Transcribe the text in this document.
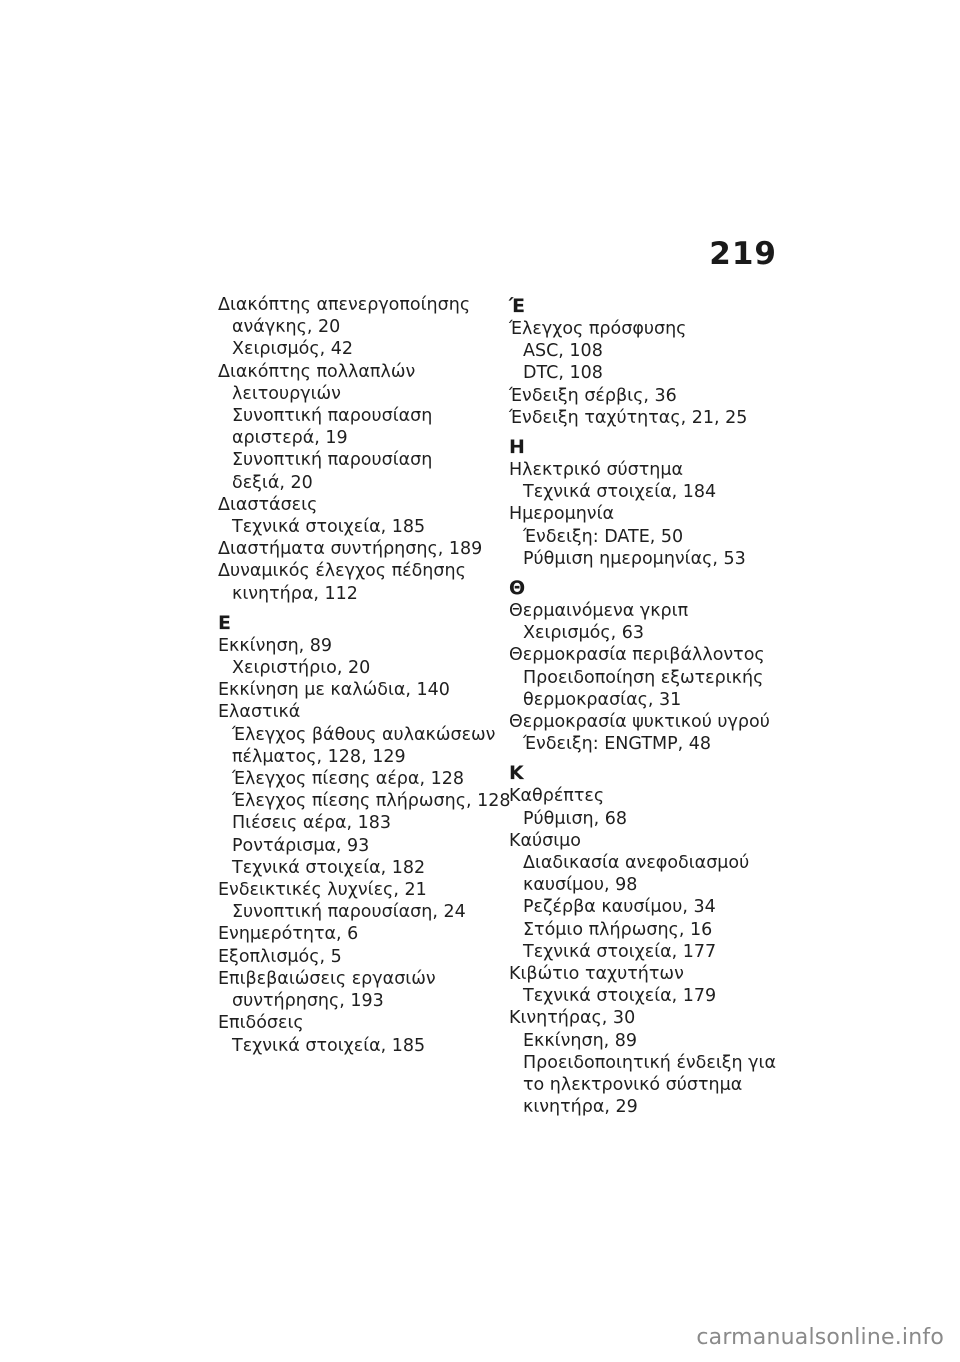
219
Διακόπτης απενεργοποίησης
ανάγκης, 20
Χειρισμός, 42
Διακόπτης πολλαπλών
λειτουργιών
Συνοπτική παρουσίαση
αριστερά, 19
Συνοπτική παρουσίαση
δεξιά, 20
Διαστάσεις
Τεχνικά στοιχεία, 185
Διαστήματα συντήρησης, 189
Δυναμικός έλεγχος πέδησης
κινητήρα, 112
Ε
Εκκίνηση, 89
Χειριστήριο, 20
Εκκίνηση με καλώδια, 140
Ελαστικά
Έλεγχος βάθους αυλακώσεων
πέλματος, 128, 129
Έλεγχος πίεσης αέρα, 128
Έλεγχος πίεσης πλήρωσης, 128
Πιέσεις αέρα, 183
Ροντάρισμα, 93
Τεχνικά στοιχεία, 182
Ενδεικτικές λυχνίες, 21
Συνοπτική παρουσίαση, 24
Ενημερότητα, 6
Εξοπλισμός, 5
Επιβεβαιώσεις εργασιών
συντήρησης, 193
Επιδόσεις
Τεχνικά στοιχεία, 185
Έ
Έλεγχος πρόσφυσης
ASC, 108
DTC, 108
Ένδειξη σέρβις, 36
Ένδειξη ταχύτητας, 21, 25
Η
Ηλεκτρικό σύστημα
Τεχνικά στοιχεία, 184
Ημερομηνία
Ένδειξη: DATE, 50
Ρύθμιση ημερομηνίας, 53
Θ
Θερμαινόμενα γκριπ
Χειρισμός, 63
Θερμοκρασία περιβάλλοντος
Προειδοποίηση εξωτερικής
θερμοκρασίας, 31
Θερμοκρασία ψυκτικού υγρού
Ένδειξη: ENGTMP, 48
Κ
Καθρέπτες
Ρύθμιση, 68
Καύσιμο
Διαδικασία ανεφοδιασμού
καυσίμου, 98
Ρεζέρβα καυσίμου, 34
Στόμιο πλήρωσης, 16
Τεχνικά στοιχεία, 177
Κιβώτιο ταχυτήτων
Τεχνικά στοιχεία, 179
Κινητήρας, 30
Εκκίνηση, 89
Προειδοποιητική ένδειξη για
το ηλεκτρονικό σύστημα
κινητήρα, 29
carmanualsonline.info
